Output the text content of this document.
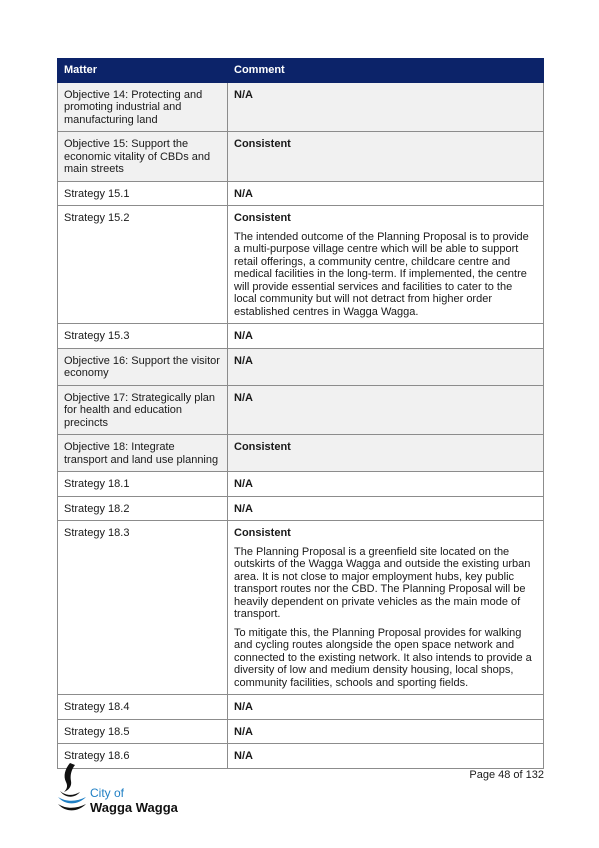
Matter	Comment
Objective 14: Protecting and promoting industrial and manufacturing land	N/A

Objective 15: Support the economic vitality of CBDs and main streets	Consistent

Strategy 15.1	N/A

Strategy 15.2	Consistent
The intended outcome of the Planning Proposal is to provide a multi-purpose village centre which will be able to support retail offerings, a community centre, childcare centre and medical facilities in the long-term. If implemented, the centre will provide essential services and facilities to cater to the local community but will not detract from higher order established centres in Wagga Wagga.

Strategy 15.3	N/A

Objective 16: Support the visitor economy	N/A

Objective 17: Strategically plan for health and education precincts	N/A

Objective 18: Integrate transport and land use planning	Consistent

Strategy 18.1	N/A

Strategy 18.2	N/A

Strategy 18.3	Consistent
The Planning Proposal is a greenfield site located on the outskirts of the Wagga Wagga and outside the existing urban area. It is not close to major employment hubs, key public transport routes nor the CBD. The Planning Proposal will be heavily dependent on private vehicles as the main mode of transport.
To mitigate this, the Planning Proposal provides for walking and cycling routes alongside the open space network and connected to the existing network. It also intends to provide a diversity of low and medium density housing, local shops, community facilities, schools and sporting fields.

Strategy 18.4	N/A

Strategy 18.5	N/A

Strategy 18.6	N/A
City of
Wagga Wagga
Page 48 of 132
